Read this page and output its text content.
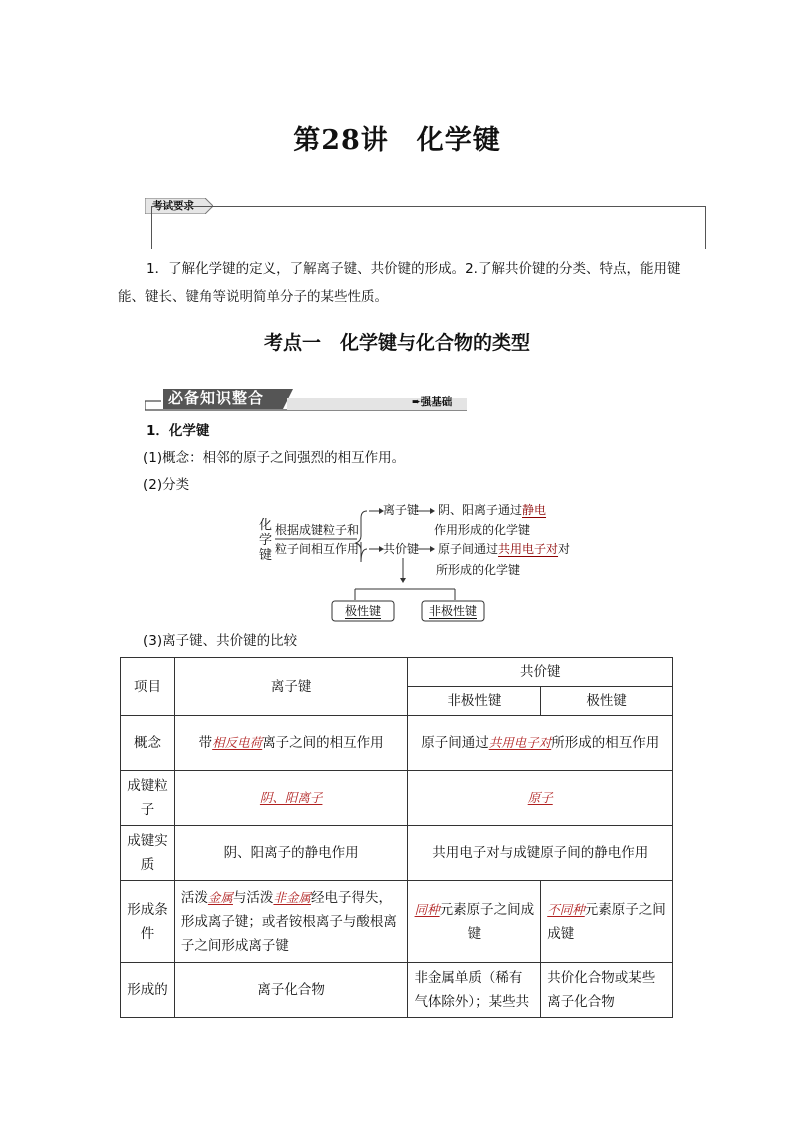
第28讲　化学键
考试要求
1．了解化学键的定义，了解离子键、共价键的形成。2.了解共价键的分类、特点，能用键能、键长、键角等说明简单分子的某些性质。
考点一　化学键与化合物的类型
必备知识整合	➨强基础
1．化学键
(1)概念：相邻的原子之间强烈的相互作用。
(2)分类
化学键
根据成键粒子和
粒子间相互作用
离子键 阴、阳离子通过静电
作用形成的化学键
共价键 原子间通过共用电子对对
所形成的化学键
极性键	非极性键
(3)离子键、共价键的比较
项目	离子键	共价键	
		非极性键	极性键
概念	带相反电荷离子之间的相互作用	原子间通过共用电子对所形成的相互作用	
成键粒子	阴、阳离子	原子	
成键实质	阴、阳离子的静电作用	共用电子对与成键原子间的静电作用	
形成条件	活泼金属与活泼非金属经电子得失，形成离子键；或者铵根离子与酸根离子之间形成离子键	同种元素原子之间成键	不同种元素原子之间成键
形成的	离子化合物	非金属单质（稀有气体除外）；某些共	共价化合物或某些离子化合物
